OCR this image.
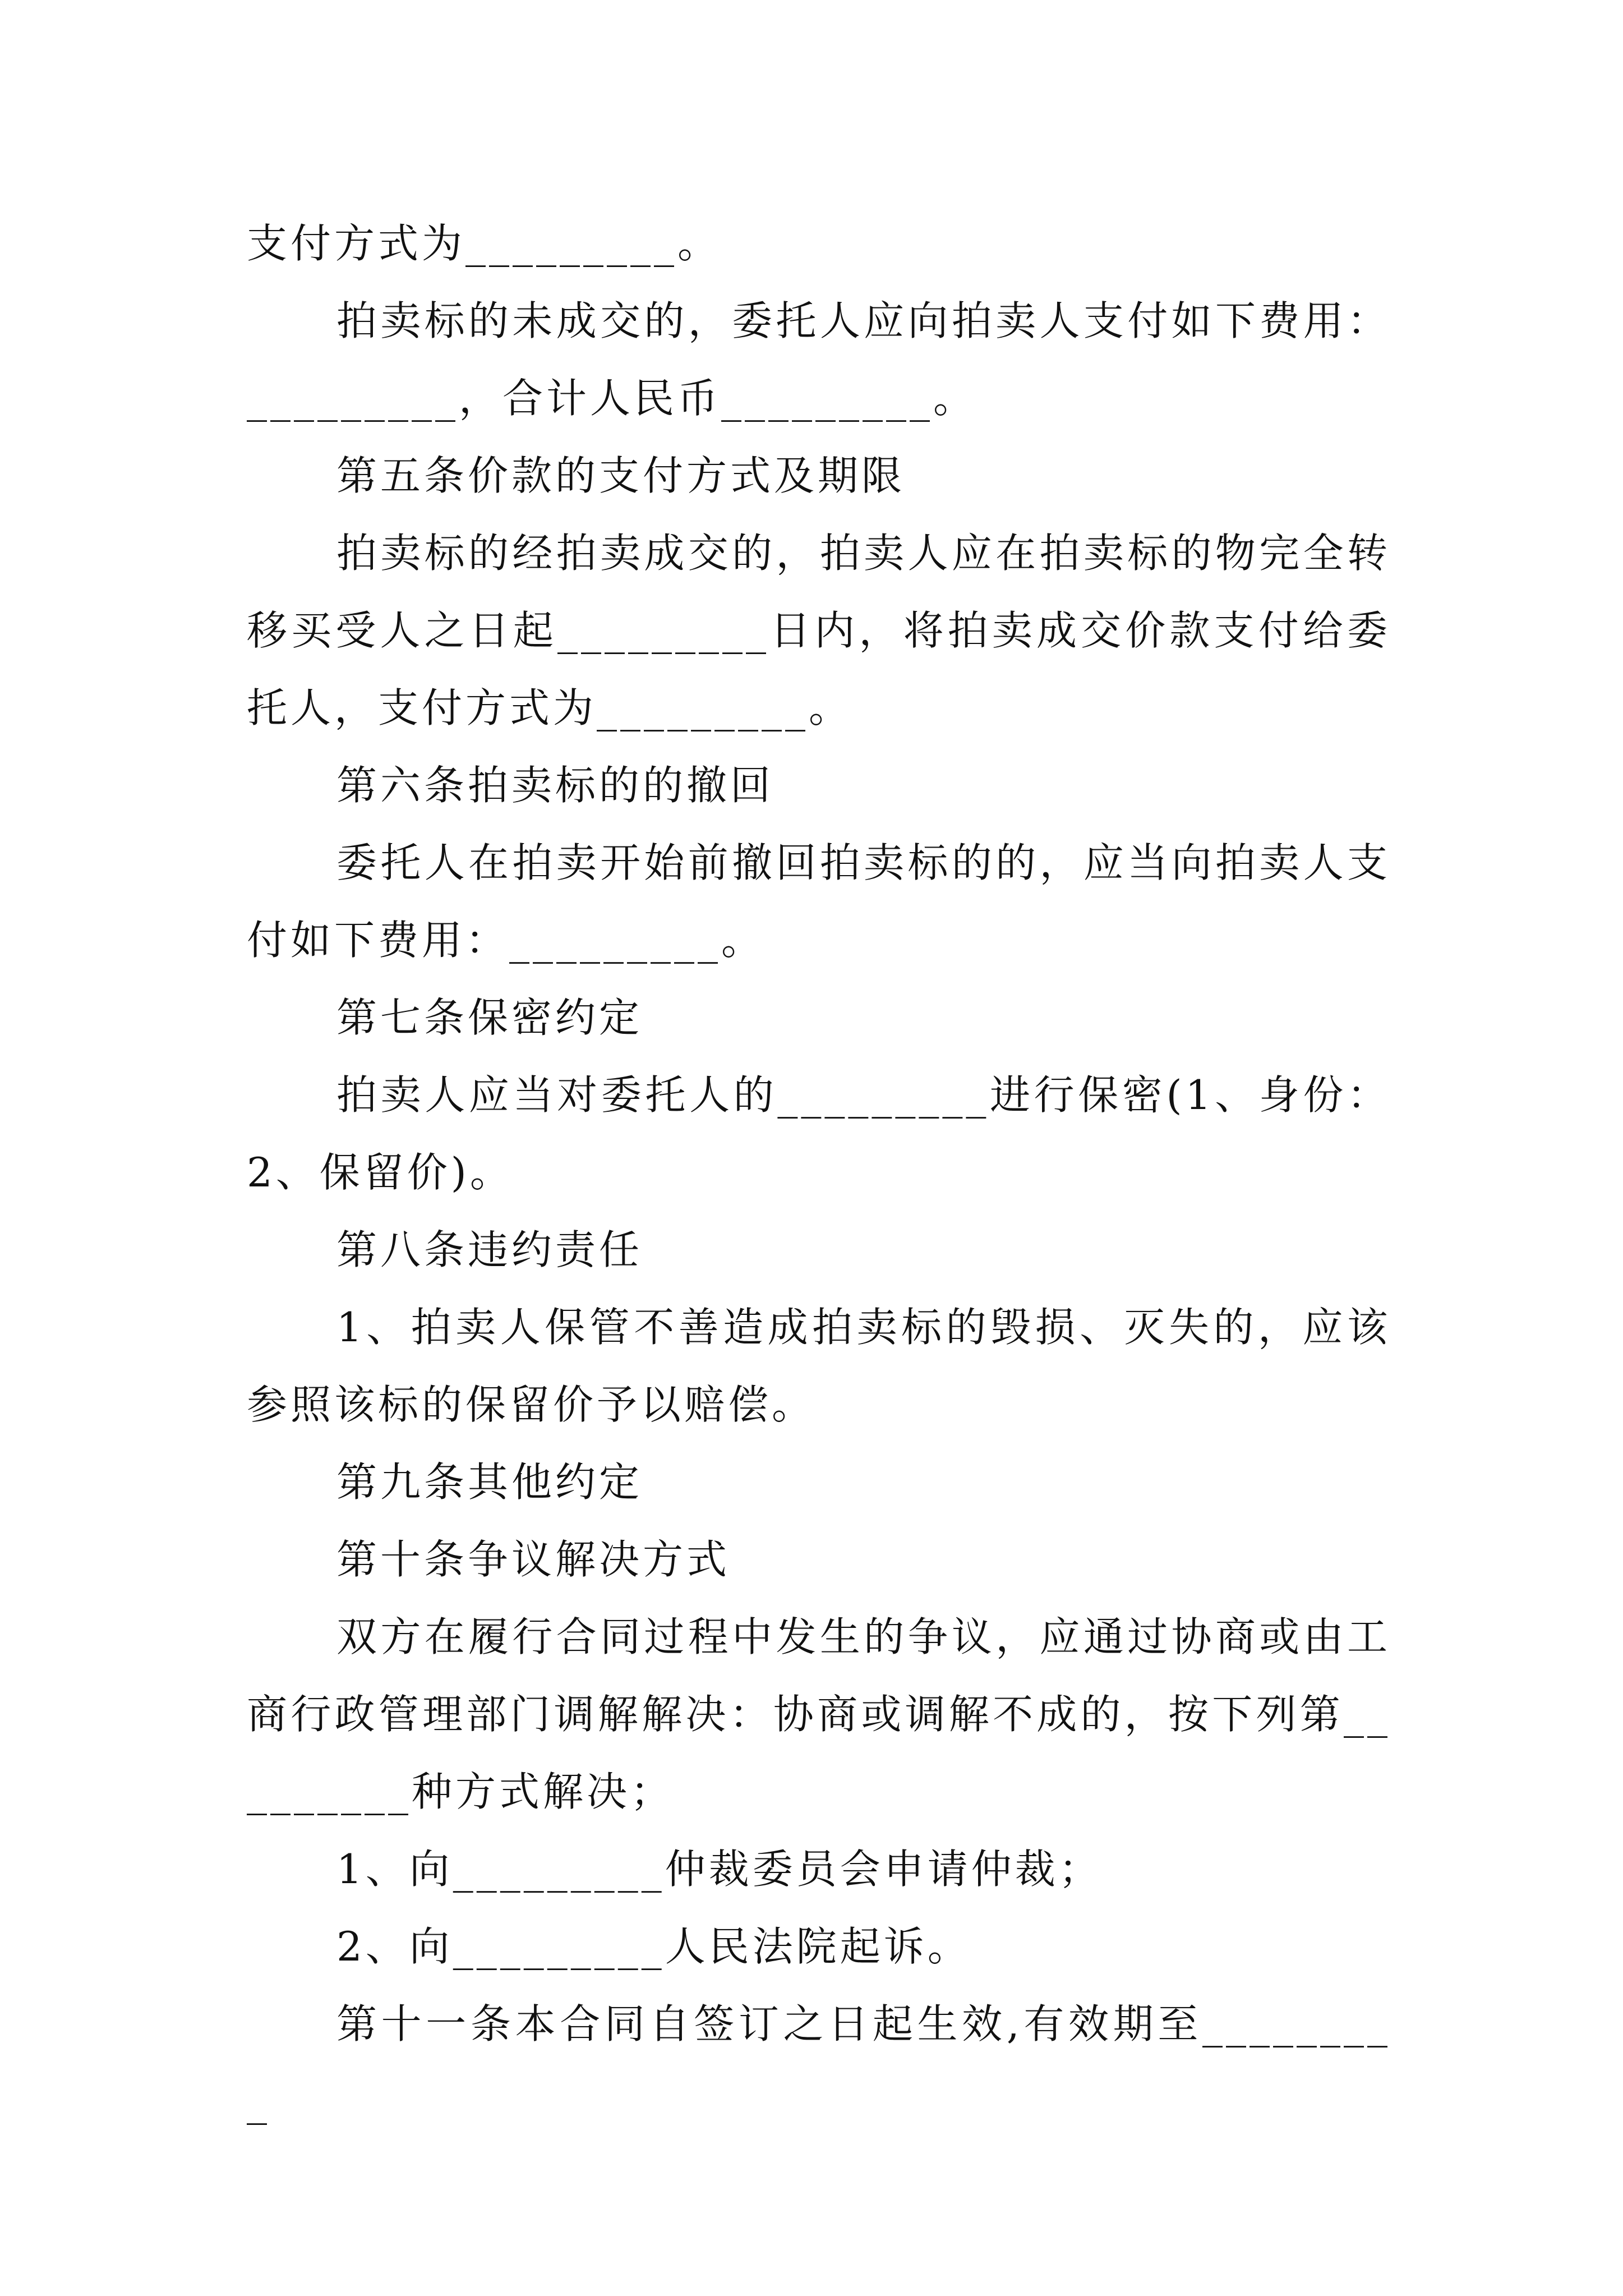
支付方式为_________。

拍卖标的未成交的，委托人应向拍卖人支付如下费用：_________，合计人民币_________。

第五条价款的支付方式及期限

拍卖标的经拍卖成交的，拍卖人应在拍卖标的物完全转移买受人之日起_________日内，将拍卖成交价款支付给委托人，支付方式为_________。

第六条拍卖标的的撤回

委托人在拍卖开始前撤回拍卖标的的，应当向拍卖人支付如下费用：_________。

第七条保密约定

拍卖人应当对委托人的_________进行保密(1、身份：2、保留价)。

第八条违约责任

1、拍卖人保管不善造成拍卖标的毁损、灭失的，应该参照该标的保留价予以赔偿。

第九条其他约定

第十条争议解决方式

双方在履行合同过程中发生的争议，应通过协商或由工商行政管理部门调解解决：协商或调解不成的，按下列第_________种方式解决；

1、向_________仲裁委员会申请仲裁；

2、向_________人民法院起诉。

第十一条本合同自签订之日起生效,有效期至_________
